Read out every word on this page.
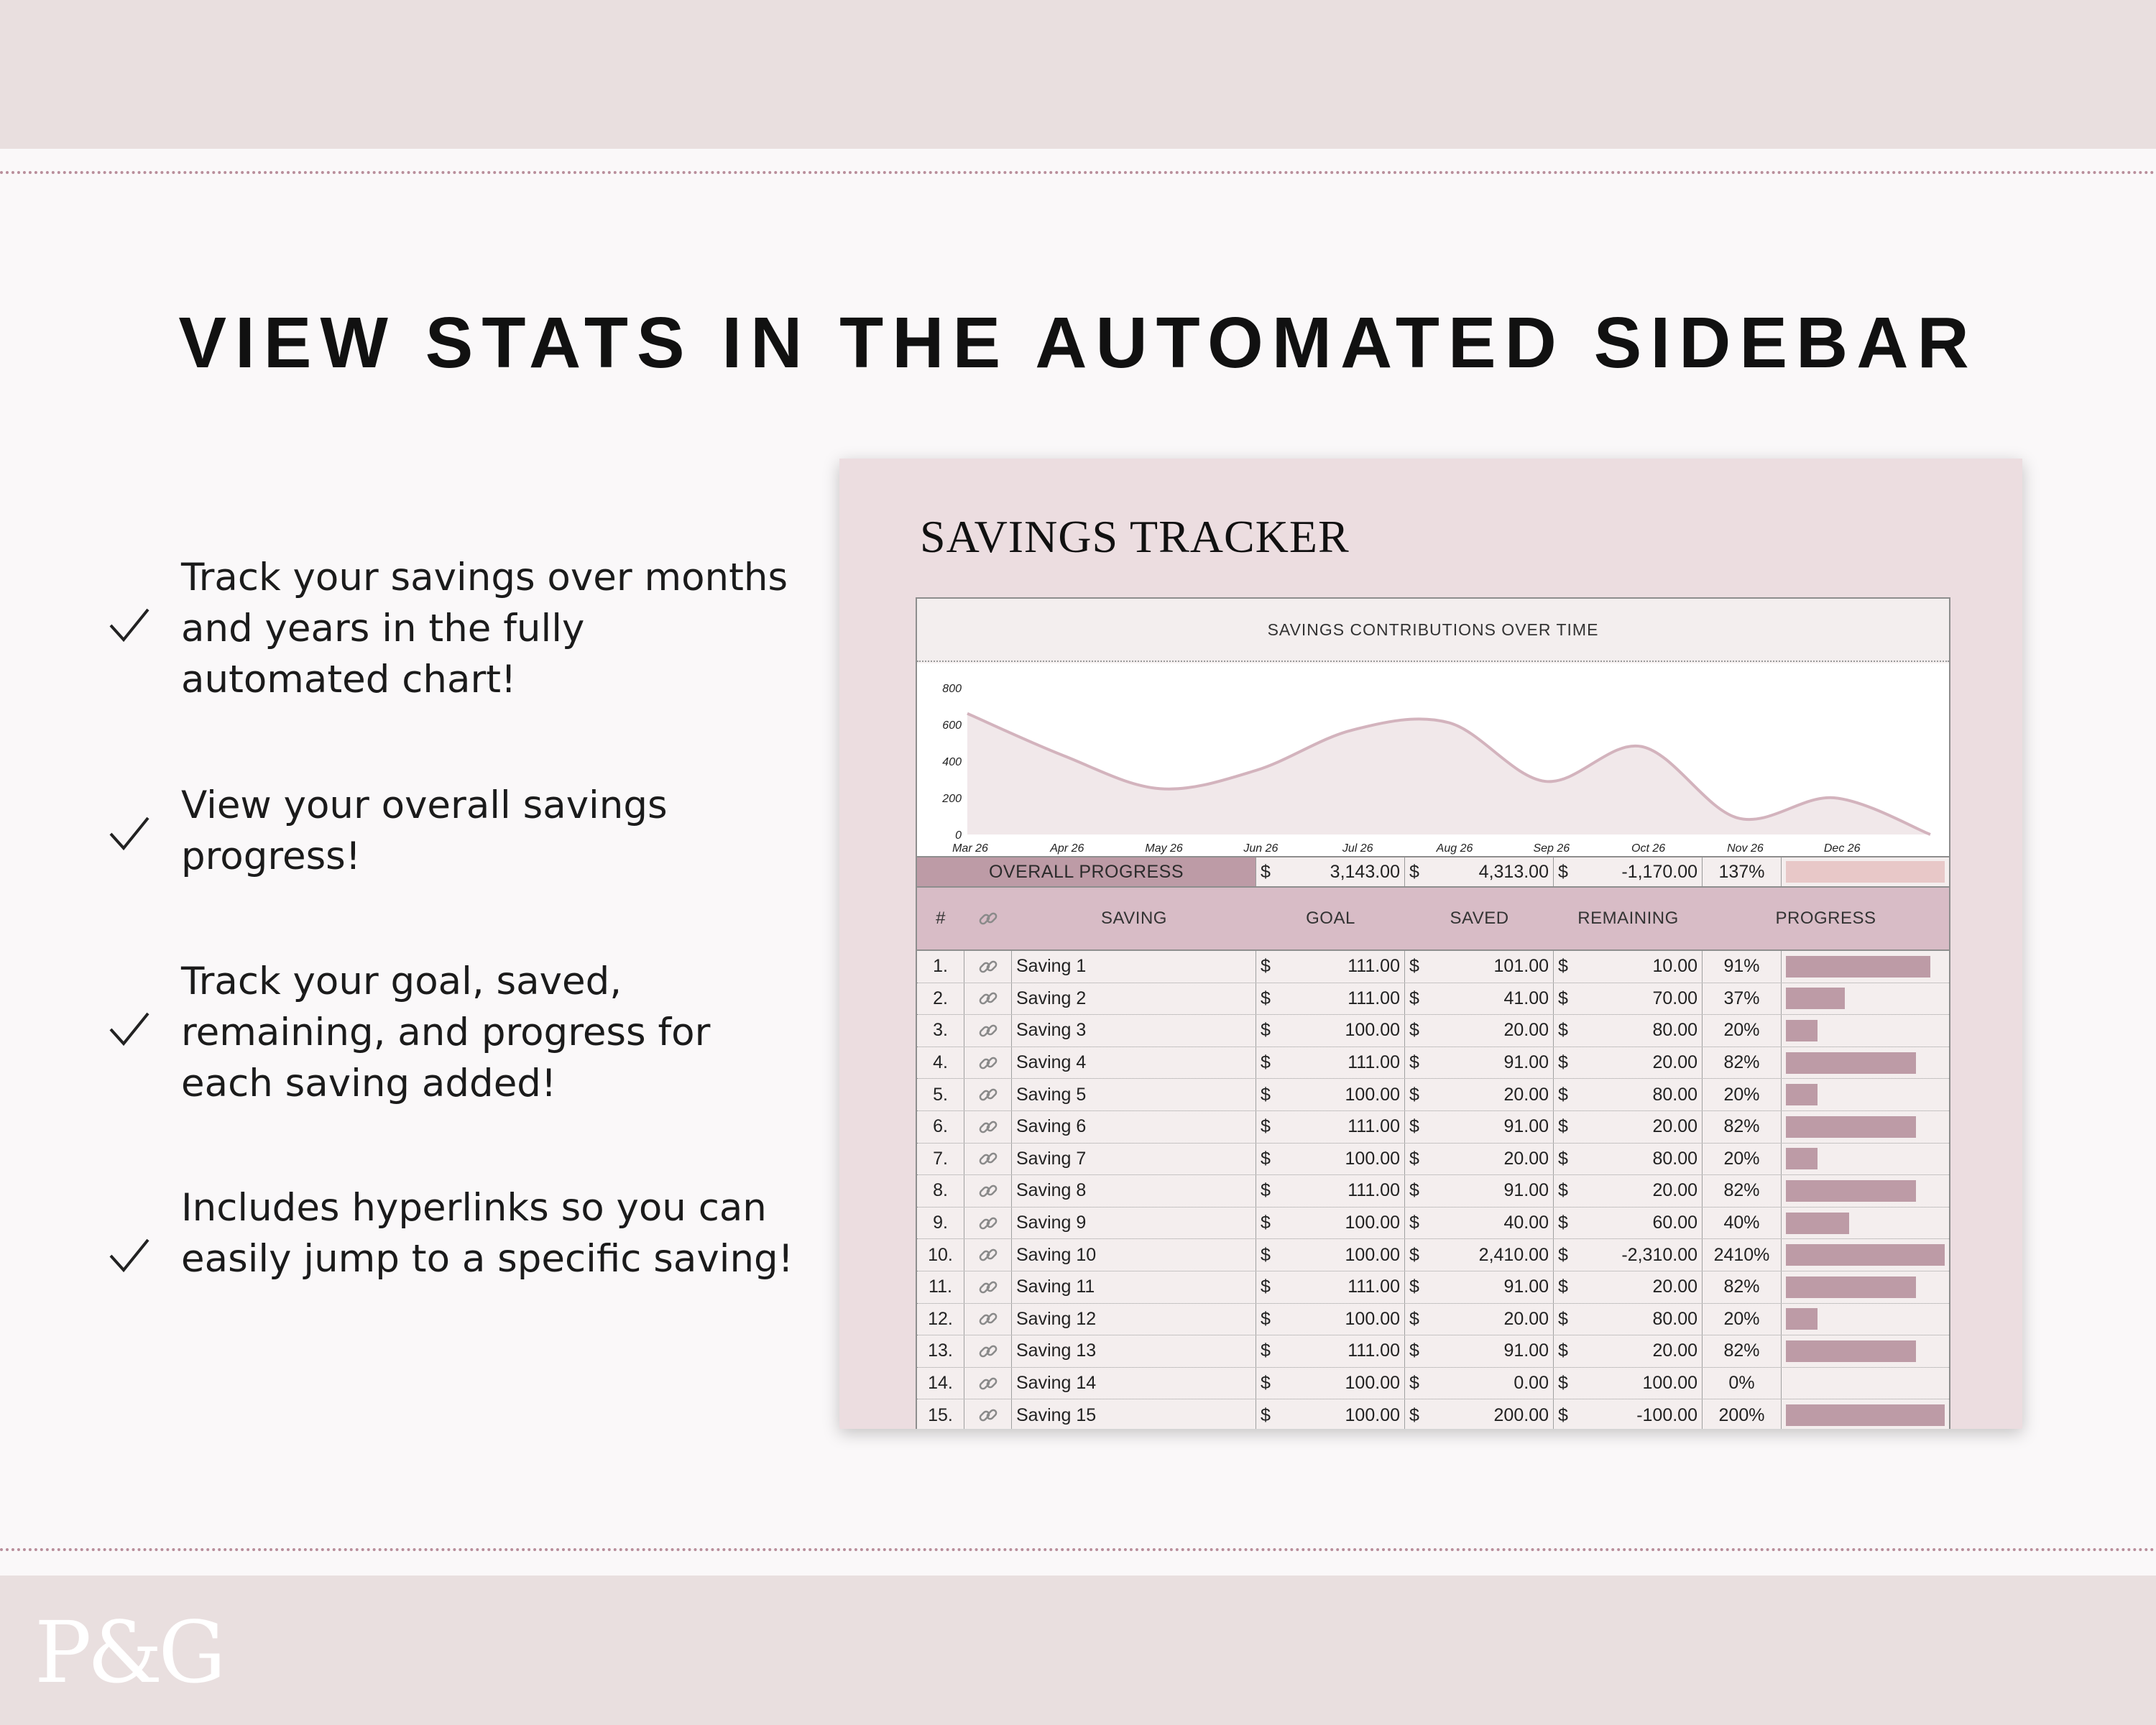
VIEW STATS IN THE AUTOMATED SIDEBAR
Track your savings over months and years in the fully automated chart!
View your overall savings progress!
Track your goal, saved, remaining, and progress for each saving added!
Includes hyperlinks so you can easily jump to a specific saving!
SAVINGS TRACKER
SAVINGS CONTRIBUTIONS OVER TIME
0
200
400
600
800
Mar 26	Apr 26	May 26	Jun 26	Jul 26	Aug 26	Sep 26	Oct 26	Nov 26	Dec 26
OVERALL PROGRESS	$	3,143.00 $	4,313.00 $	-1,170.00	137%
#	SAVING	GOAL	SAVED	REMAINING	PROGRESS
1.	Saving 1	$	111.00 $	101.00 $	10.00	91%
2.	Saving 2	$	111.00 $	41.00 $	70.00	37%
3.	Saving 3	$	100.00 $	20.00 $	80.00	20%
4.	Saving 4	$	111.00 $	91.00 $	20.00	82%
5.	Saving 5	$	100.00 $	20.00 $	80.00	20%
6.	Saving 6	$	111.00 $	91.00 $	20.00	82%
7.	Saving 7	$	100.00 $	20.00 $	80.00	20%
8.	Saving 8	$	111.00 $	91.00 $	20.00	82%
9.	Saving 9	$	100.00 $	40.00 $	60.00	40%
10.	Saving 10	$	100.00 $	2,410.00 $	-2,310.00 2410%
11.	Saving 11	$	111.00 $	91.00 $	20.00	82%
12.	Saving 12	$	100.00 $	20.00 $	80.00	20%
13.	Saving 13	$	111.00 $	91.00 $	20.00	82%
14.	Saving 14	$	100.00 $	0.00 $	100.00	0%
15.	Saving 15	$	100.00 $	200.00 $	-100.00	200%
P&G
